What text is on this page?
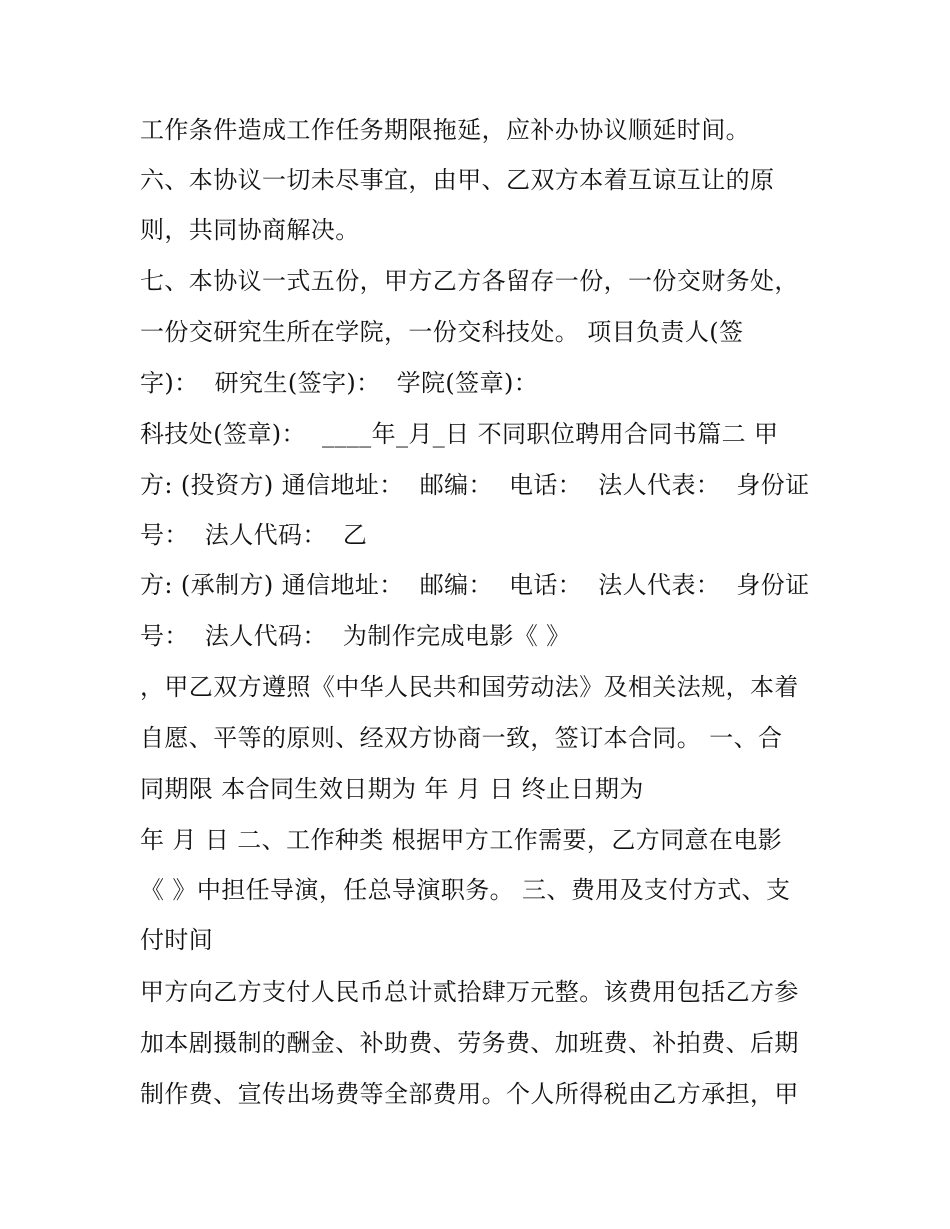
工作条件造成工作任务期限拖延，应补办协议顺延时间。

六、本协议一切未尽事宜，由甲、乙双方本着互谅互让的原

则，共同协商解决。

七、本协议一式五份，甲方乙方各留存一份，一份交财务处，

一份交研究生所在学院，一份交科技处。 项目负责人(签

字)：  研究生(签字)：  学院(签章)：

科技处(签章)：  ____年_月_日 不同职位聘用合同书篇二 甲

方: (投资方) 通信地址：  邮编：  电话：  法人代表：  身份证

号：  法人代码：  乙

方: (承制方) 通信地址：  邮编：  电话：  法人代表：  身份证

号：  法人代码：  为制作完成电影《 》

，甲乙双方遵照《中华人民共和国劳动法》及相关法规，本着

自愿、平等的原则、经双方协商一致，签订本合同。 一、合

同期限 本合同生效日期为 年 月 日 终止日期为

年 月 日 二、工作种类 根据甲方工作需要，乙方同意在电影

《 》中担任导演，任总导演职务。 三、费用及支付方式、支

付时间

甲方向乙方支付人民币总计贰拾肆万元整。该费用包括乙方参

加本剧摄制的酬金、补助费、劳务费、加班费、补拍费、后期

制作费、宣传出场费等全部费用。个人所得税由乙方承担，甲
